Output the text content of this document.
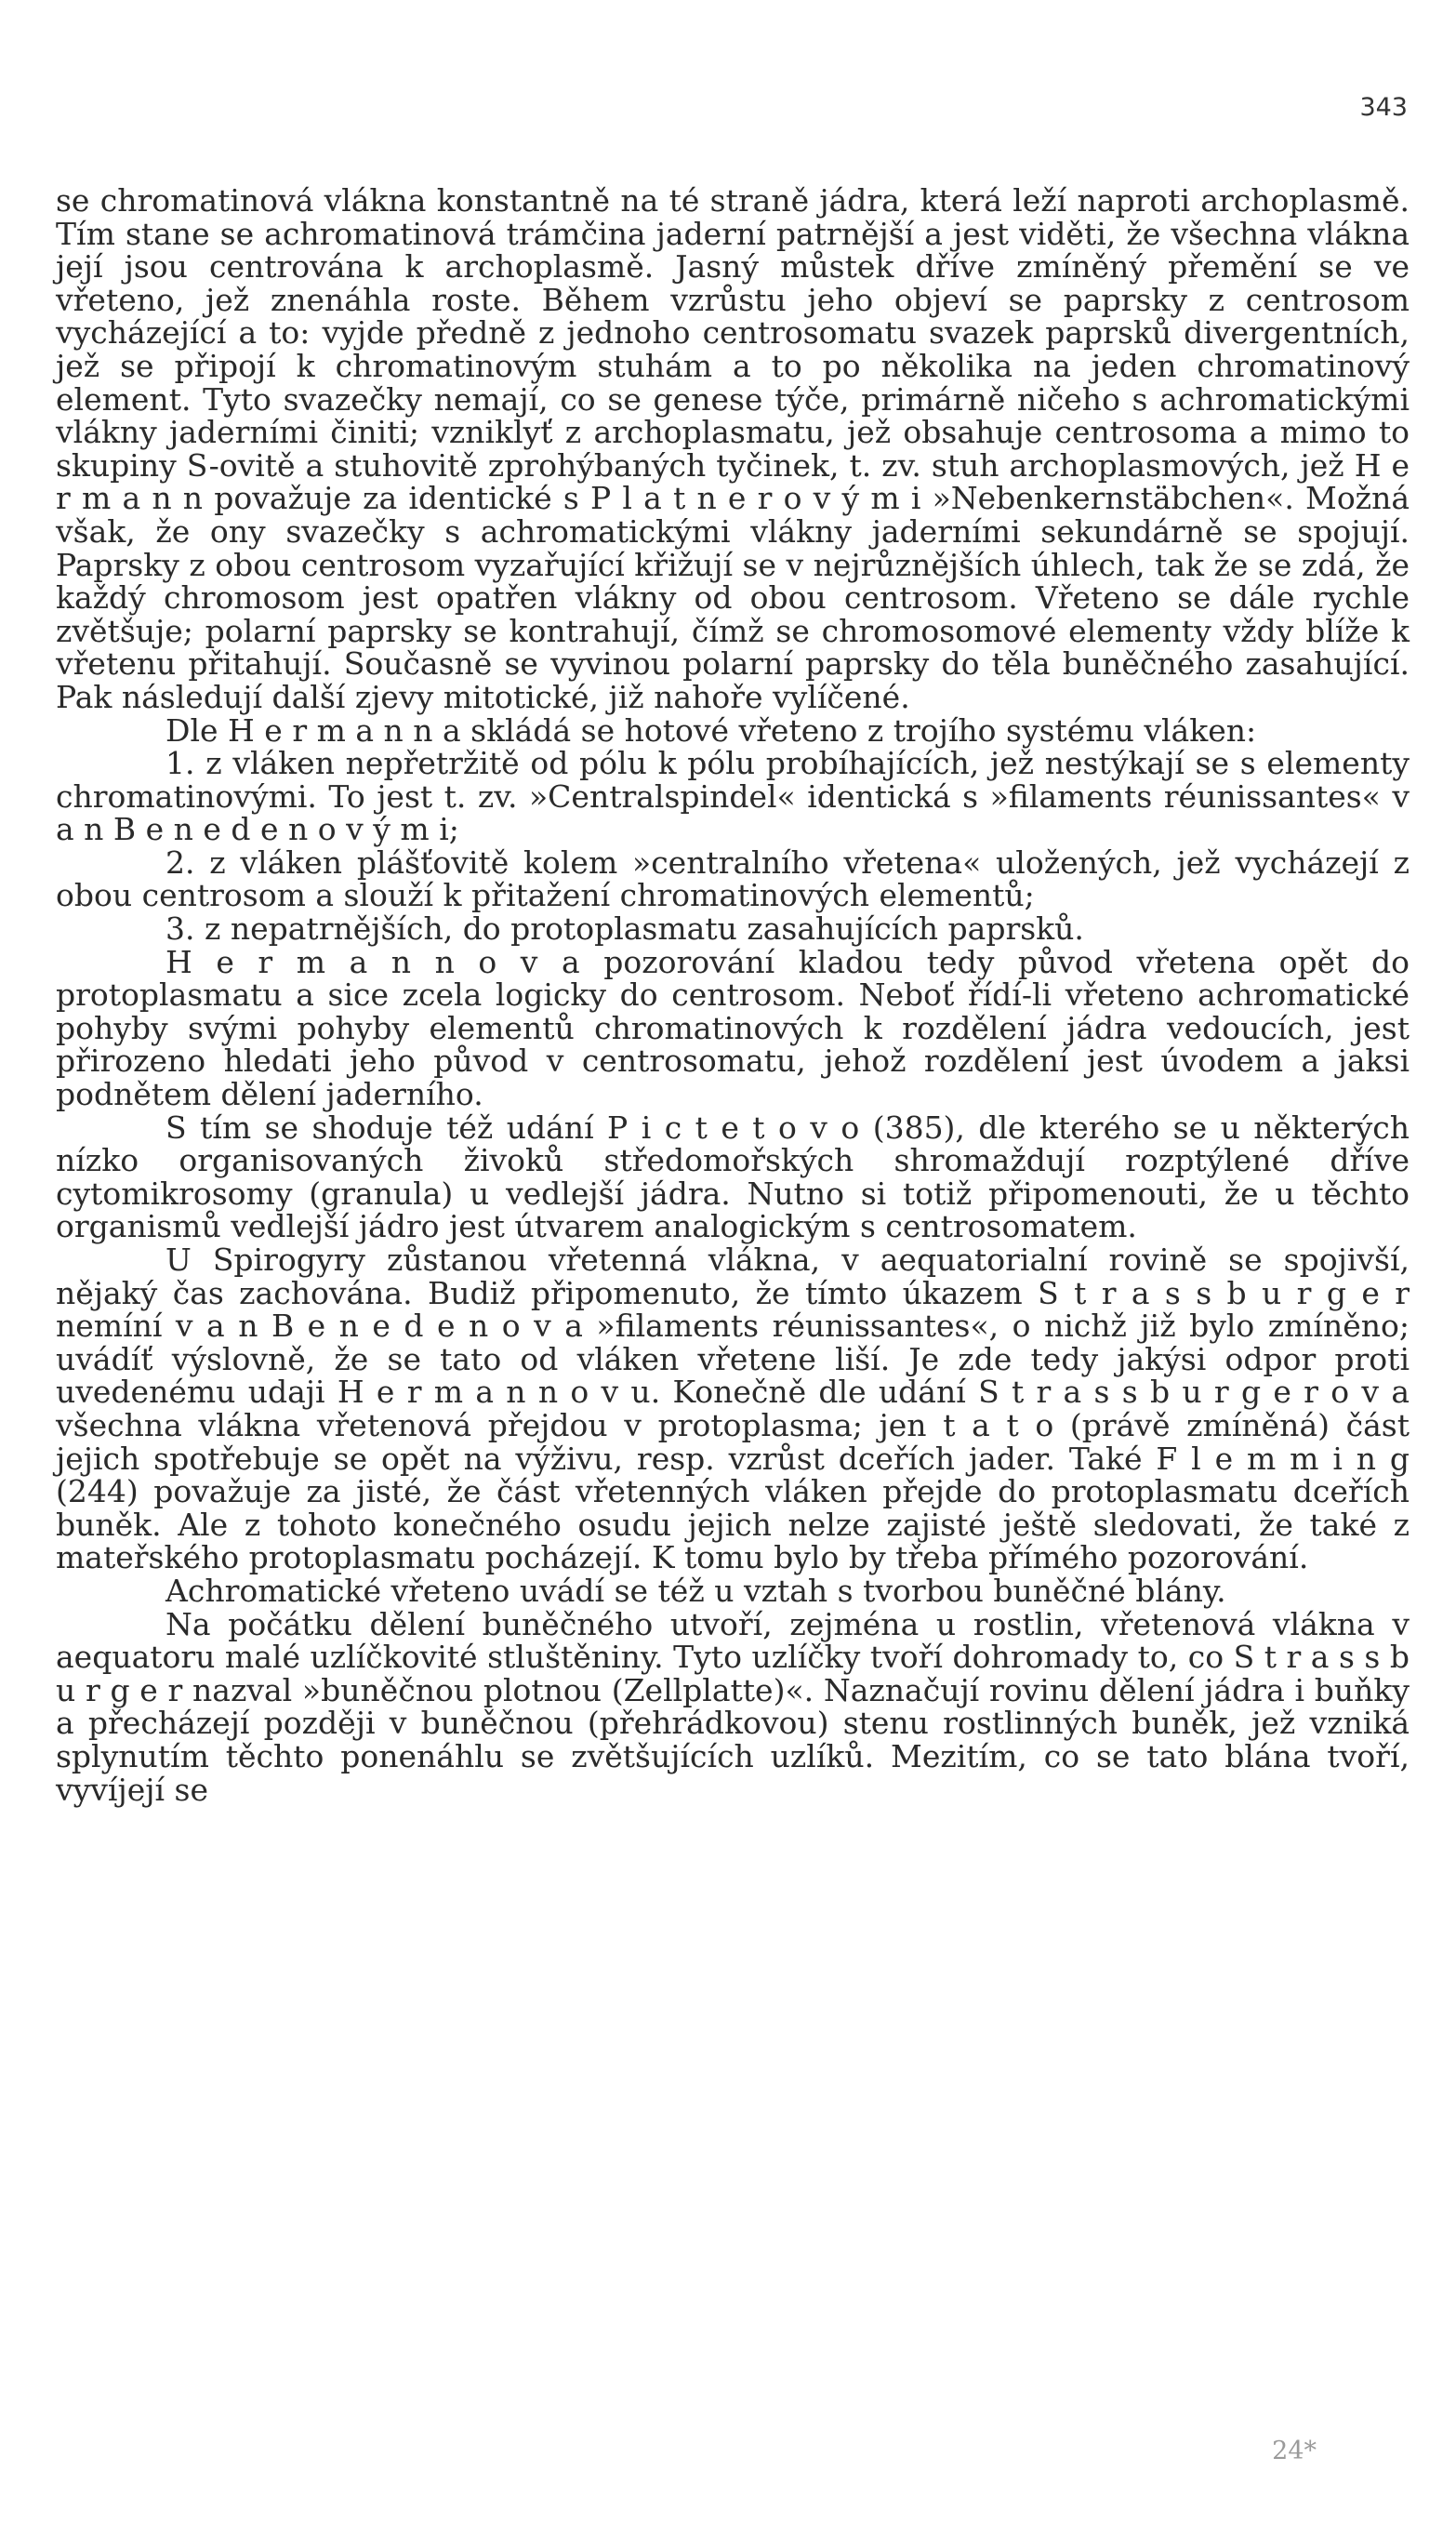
343

se chromatinová vlákna konstantně na té straně jádra, která leží naproti archoplasmě. Tím stane se achromatinová trámčina jaderní patrnější a jest viděti, že všechna vlákna její jsou centrována k archoplasmě. Jasný můstek dříve zmíněný přemění se ve vřeteno, jež znenáhla roste. Během vzrůstu jeho objeví se paprsky z centrosom vycházející a to: vyjde předně z jednoho centrosomatu svazek paprsků divergentních, jež se připojí k chromatinovým stuhám a to po několika na jeden chromatinový element. Tyto svazečky nemají, co se genese týče, primárně ničeho s achromatickými vlákny jaderními činiti; vzniklyť z archoplasmatu, jež obsahuje centrosoma a mimo to skupiny S-ovitě a stuhovitě zprohýbaných tyčinek, t. zv. stuh archoplasmových, jež H e r m a n n považuje za identické s P l a t n e r o v ý m i »Nebenkernstäbchen«. Možná však, že ony svazečky s achromatickými vlákny jaderními sekundárně se spojují. Paprsky z obou centrosom vyzařující křižují se v nejrůznějších úhlech, tak že se zdá, že každý chromosom jest opatřen vlákny od obou centrosom. Vřeteno se dále rychle zvětšuje; polarní paprsky se kontrahují, čímž se chromosomové elementy vždy blíže k vřetenu přitahují. Současně se vyvinou polarní paprsky do těla buněčného zasahující. Pak následují další zjevy mitotické, již nahoře vylíčené.

Dle H e r m a n n a skládá se hotové vřeteno z trojího systému vláken:

1. z vláken nepřetržitě od pólu k pólu probíhajících, jež nestýkají se s elementy chromatinovými. To jest t. zv. »Centralspindel« identická s »filaments réunissantes« v a n B e n e d e n o v ý m i;

2. z vláken plášťovitě kolem »centralního vřetena« uložených, jež vycházejí z obou centrosom a slouží k přitažení chromatinových elementů;

3. z nepatrnějších, do protoplasmatu zasahujících paprsků.

H e r m a n n o v a pozorování kladou tedy původ vřetena opět do protoplasmatu a sice zcela logicky do centrosom. Neboť řídí-li vřeteno achromatické pohyby svými pohyby elementů chromatinových k rozdělení jádra vedoucích, jest přirozeno hledati jeho původ v centrosomatu, jehož rozdělení jest úvodem a jaksi podnětem dělení jaderního.

S tím se shoduje též udání P i c t e t o v o (385), dle kterého se u některých nízko organisovaných živoků středomořských shromaždují rozptýlené dříve cytomikrosomy (granula) u vedlejší jádra. Nutno si totiž připomenouti, že u těchto organismů vedlejší jádro jest útvarem analogickým s centrosomatem.

U Spirogyry zůstanou vřetenná vlákna, v aequatorialní rovině se spojivší, nějaký čas zachována. Budiž připomenuto, že tímto úkazem S t r a s s b u r g e r nemíní v a n B e n e d e n o v a »filaments réunissantes«, o nichž již bylo zmíněno; uvádíť výslovně, že se tato od vláken vřetene liší. Je zde tedy jakýsi odpor proti uvedenému udaji H e r m a n n o v u. Konečně dle udání S t r a s s b u r g e r o v a všechna vlákna vřetenová přejdou v protoplasma; jen t a t o (právě zmíněná) část jejich spotřebuje se opět na výživu, resp. vzrůst dceřích jader. Také F l e m m i n g (244) považuje za jisté, že část vřetenných vláken přejde do protoplasmatu dceřích buněk. Ale z tohoto konečného osudu jejich nelze zajisté ještě sledovati, že také z mateřského protoplasmatu pocházejí. K tomu bylo by třeba přímého pozorování.

Achromatické vřeteno uvádí se též u vztah s tvorbou buněčné blány.

Na počátku dělení buněčného utvoří, zejména u rostlin, vřetenová vlákna v aequatoru malé uzlíčkovité stluštěniny. Tyto uzlíčky tvoří dohromady to, co S t r a s s b u r g e r nazval »buněčnou plotnou (Zellplatte)«. Naznačují rovinu dělení jádra i buňky a přecházejí později v buněčnou (přehrádkovou) stenu rostlinných buněk, jež vzniká splynutím těchto ponenáhlu se zvětšujících uzlíků. Mezitím, co se tato blána tvoří, vyvíjejí se

24*
